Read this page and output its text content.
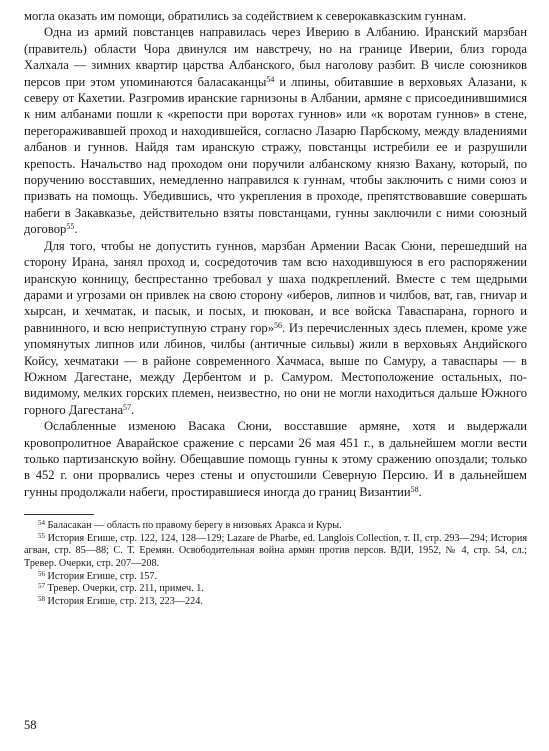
могла оказать им помощи, обратились за содействием к северокавказским гуннам.

Одна из армий повстанцев направилась через Иверию в Албанию. Иранский марзбан (правитель) области Чора двинулся им навстречу, но на границе Иверии, близ города Халхала — зимних квартир царства Албанского, был наголову разбит. В числе союзников персов при этом упоминаются баласаканцы$^{54}$ и лпины, обитавшие в верховьях Алазани, к северу от Кахетии. Разгромив иранские гарнизоны в Албании, армяне с присоединившимися к ним албанами пошли к «крепости при воротах гуннов» или «к воротам гуннов» в стене, перегораживавшей проход и находившейся, согласно Лазарю Парбскому, между владениями албанов и гуннов. Найдя там иранскую стражу, повстанцы истребили ее и разрушили крепость. Начальство над проходом они поручили албанскому князю Вахану, который, по поручению восставших, немедленно направился к гуннам, чтобы заключить с ними союз и призвать на помощь. Убедившись, что укрепления в проходе, препятствовавшие совершать набеги в Закавказье, действительно взяты повстанцами, гунны заключили с ними союзный договор$^{55}$.

Для того, чтобы не допустить гуннов, марзбан Армении Васак Сюни, перешедший на сторону Ирана, занял проход и, сосредоточив там всю находившуюся в его распоряжении иранскую конницу, беспрестанно требовал у шаха подкреплений. Вместе с тем щедрыми дарами и угрозами он привлек на свою сторону «иберов, липнов и чилбов, ват, гав, гниvар и хырсан, и хечматак, и пасык, и посых, и пюкован, и все войска Таваспарана, горного и равнинного, и всю неприступную страну гор»$^{56}$. Из перечисленных здесь племен, кроме уже упомянутых липнов или лбинов, чилбы (античные сильвы) жили в верховьях Андийского Койсу, хечматаки — в районе современного Хачмаса, выше по Самуру, а таваспары — в Южном Дагестане, между Дербентом и р. Самуром. Местоположение остальных, по-видимому, мелких горских племен, неизвестно, но они не могли находиться дальше Южного горного Дагестана$^{57}$.

Ослабленные изменою Васака Сюни, восставшие армяне, хотя и выдержали кровопролитное Аварайское сражение с персами 26 мая 451 г., в дальнейшем могли вести только партизанскую войну. Обещавшие помощь гунны к этому сражению опоздали; только в 452 г. они прорвались через стены и опустошили Северную Персию. И в дальнейшем гунны продолжали набеги, простиравшиеся иногда до границ Византии$^{58}$.

$^{54}$ Баласакан — область по правому берегу в низовьях Аракса и Куры.
$^{55}$ История Егише, стр. 122, 124, 128—129; Lazare de Pharbe, ed. Langlois Collection, т. II, стр. 293—294; История агван, стр. 85—88; С. Т. Еремян. Освободительная война армян против персов. ВДИ, 1952, № 4, стр. 54, сл.; Тревер. Очерки, стр. 207—208.
$^{56}$ История Егише, стр. 157.
$^{57}$ Тревер. Очерки, стр. 211, примеч. 1.
$^{58}$ История Егише, стр. 213, 223—224.
58
